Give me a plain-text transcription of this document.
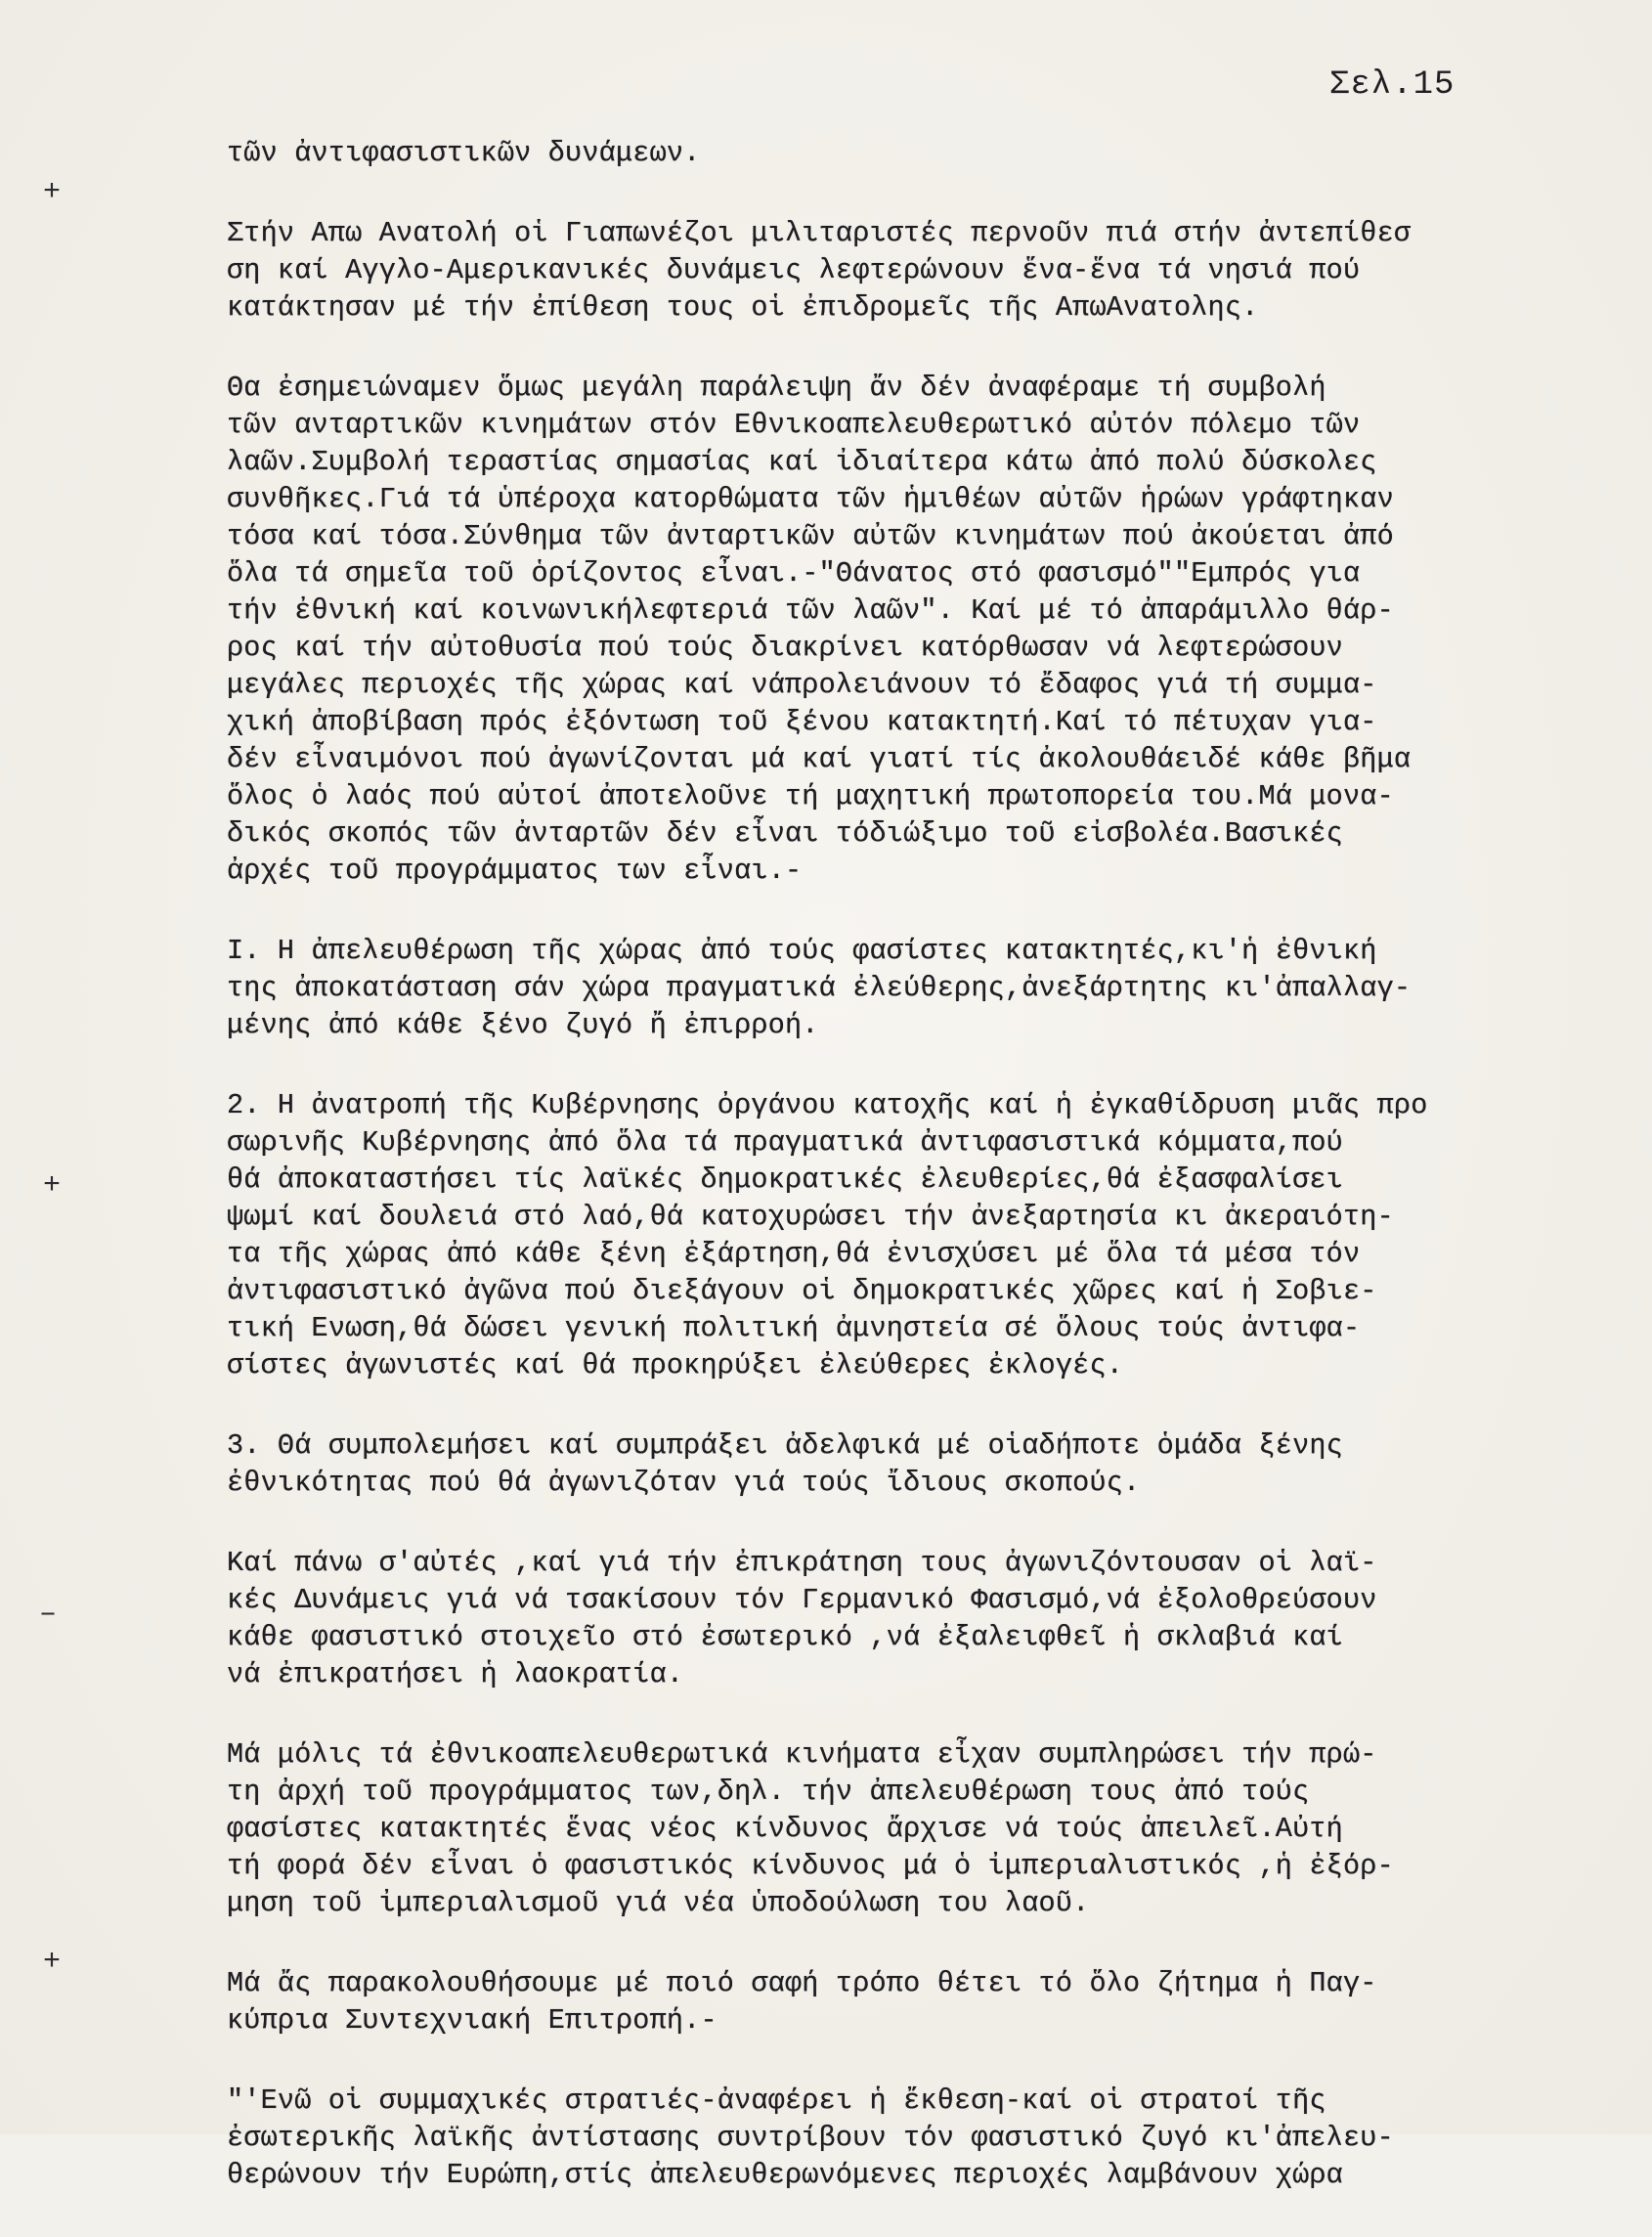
+
+
–
+
Σελ.15

τῶν ἀντιφασιστικῶν δυνάμεων.

Στήν Απω Ανατολή οἱ Γιαπωνέζοι μιλιταριστές περνοῦν πιά στήν ἀντεπίθεσ
ση καί Αγγλο-Αμερικανικές δυνάμεις λεφτερώνουν ἕνα-ἕνα τά νησιά πού
κατάκτησαν μέ τήν ἐπίθεση τους οἱ ἐπιδρομεῖς τῆς ΑπωΑνατολης.

Θα ἐσημειώναμεν ὅμως μεγάλη παράλειψη ἄν δέν ἀναφέραμε τή συμβολή
τῶν ανταρτικῶν κινημάτων στόν Εθνικοαπελευθερωτικό αὐτόν πόλεμο τῶν
λαῶν.Συμβολή τεραστίας σημασίας καί ἰδιαίτερα κάτω ἀπό πολύ δύσκολες
συνθῆκες.Γιά τά ὑπέροχα κατορθώματα τῶν ἡμιθέων αὐτῶν ἡρώων γράφτηκαν
τόσα καί τόσα.Σύνθημα τῶν ἀνταρτικῶν αὐτῶν κινημάτων πού ἀκούεται ἀπό
ὅλα τά σημεῖα τοῦ ὁρίζοντος εἶναι.-"Θάνατος στό φασισμό""Εμπρός για
τήν ἐθνική καί κοινωνικήλεφτεριά τῶν λαῶν". Καί μέ τό ἀπαράμιλλο θάρ-
ρος καί τήν αὐτοθυσία πού τούς διακρίνει κατόρθωσαν νά λεφτερώσουν
μεγάλες περιοχές τῆς χώρας καί νάπρολειάνουν τό ἔδαφος γιά τή συμμα-
χική ἀποβίβαση πρός ἐξόντωση τοῦ ξένου κατακτητή.Καί τό πέτυχαν για-
δέν εἶναιμόνοι πού ἀγωνίζονται μά καί γιατί τίς ἀκολουθάειδέ κάθε βῆμα
ὅλος ὁ λαός πού αὐτοί ἀποτελοῦνε τή μαχητική πρωτοπορεία του.Μά μονα-
δικός σκοπός τῶν ἀνταρτῶν δέν εἶναι τόδιώξιμο τοῦ εἰσβολέα.Βασικές
ἀρχές τοῦ προγράμματος των εἶναι.-

Ι. Η ἀπελευθέρωση τῆς χώρας ἀπό τούς φασίστες κατακτητές,κι'ἡ ἐθνική
της ἀποκατάσταση σάν χώρα πραγματικά ἐλεύθερης,ἀνεξάρτητης κι'ἀπαλλαγ-
μένης ἀπό κάθε ξένο ζυγό ἤ ἐπιρροή.

2. Η ἀνατροπή τῆς Κυβέρνησης ὀργάνου κατοχῆς καί ἡ ἐγκαθίδρυση μιᾶς προ
σωρινῆς Κυβέρνησης ἀπό ὅλα τά πραγματικά ἀντιφασιστικά κόμματα,πού
θά ἀποκαταστήσει τίς λαϊκές δημοκρατικές ἐλευθερίες,θά ἐξασφαλίσει
ψωμί καί δουλειά στό λαό,θά κατοχυρώσει τήν ἀνεξαρτησία κι ἀκεραιότη-
τα τῆς χώρας ἀπό κάθε ξένη ἐξάρτηση,θά ἐνισχύσει μέ ὅλα τά μέσα τόν
ἀντιφασιστικό ἀγῶνα πού διεξάγουν οἱ δημοκρατικές χῶρες καί ἡ Σοβιε-
τική Ενωση,θά δώσει γενική πολιτική ἀμνηστεία σέ ὅλους τούς ἀντιφα-
σίστες ἀγωνιστές καί θά προκηρύξει ἐλεύθερες ἐκλογές.

3. Θά συμπολεμήσει καί συμπράξει ἀδελφικά μέ οἱαδήποτε ὁμάδα ξένης
ἐθνικότητας πού θά ἀγωνιζόταν γιά τούς ἴδιους σκοπούς.

Καί πάνω σ'αὐτές ,καί γιά τήν ἐπικράτηση τους ἀγωνιζόντουσαν οἱ λαϊ-
κές Δυνάμεις γιά νά τσακίσουν τόν Γερμανικό Φασισμό,νά ἐξολοθρεύσουν
κάθε φασιστικό στοιχεῖο στό ἐσωτερικό ,νά ἐξαλειφθεῖ ἡ σκλαβιά καί
νά ἐπικρατήσει ἡ λαοκρατία.

Μά μόλις τά ἐθνικοαπελευθερωτικά κινήματα εἶχαν συμπληρώσει τήν πρώ-
τη ἀρχή τοῦ προγράμματος των,δηλ. τήν ἀπελευθέρωση τους ἀπό τούς
φασίστες κατακτητές ἕνας νέος κίνδυνος ἄρχισε νά τούς ἀπειλεῖ.Αὐτή
τή φορά δέν εἶναι ὁ φασιστικός κίνδυνος μά ὁ ἰμπεριαλιστικός ,ἡ ἐξόρ-
μηση τοῦ ἰμπεριαλισμοῦ γιά νέα ὑποδούλωση του λαοῦ.

Μά ἄς παρακολουθήσουμε μέ ποιό σαφή τρόπο θέτει τό ὅλο ζήτημα ἡ Παγ-
κύπρια Συντεχνιακή Επιτροπή.-

"'Ενῶ οἱ συμμαχικές στρατιές-ἀναφέρει ἡ ἔκθεση-καί οἱ στρατοί τῆς
ἐσωτερικῆς λαϊκῆς ἀντίστασης συντρίβουν τόν φασιστικό ζυγό κι'ἀπελευ-
θερώνουν τήν Ευρώπη,στίς ἀπελευθερωνόμενες περιοχές λαμβάνουν χώρα
